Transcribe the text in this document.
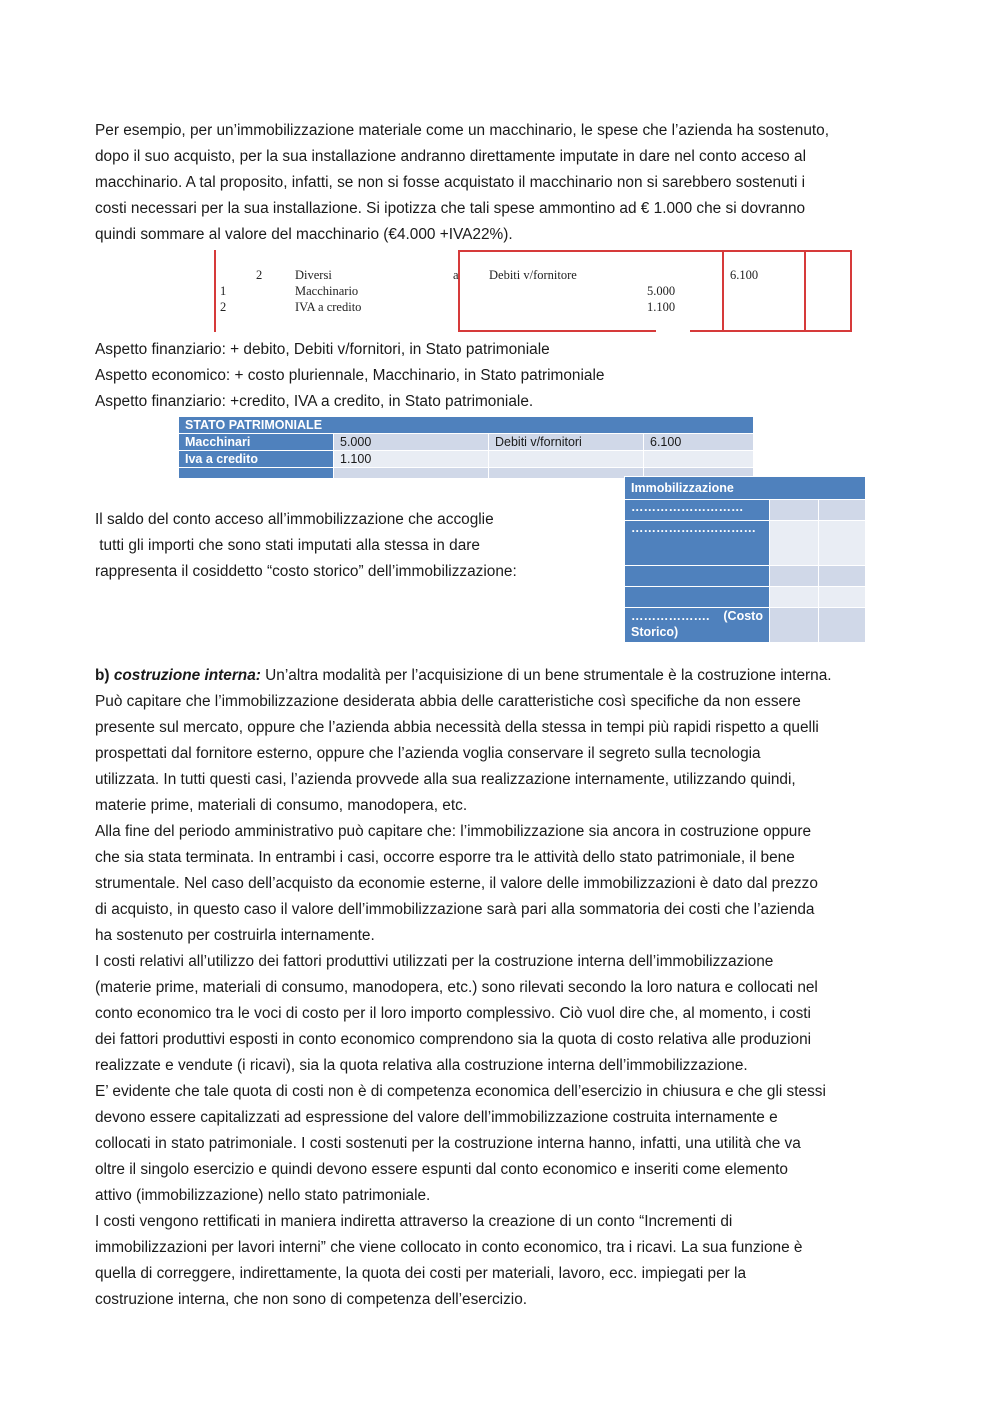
Per esempio, per un’immobilizzazione materiale come un macchinario, le spese che l’azienda ha sostenuto,
dopo il suo acquisto, per la sua installazione andranno direttamente imputate in dare nel conto acceso al
macchinario. A tal proposito, infatti, se non si fosse acquistato il macchinario non si sarebbero sostenuti i
costi necessari per la sua installazione. Si ipotizza che tali spese ammontino ad € 1.000 che si dovranno
quindi sommare al valore del macchinario (€4.000 +IVA22%).
2	Diversi	a Debiti v/fornitore	6.100
1	Macchinario	5.000
2	IVA a credito	1.100
Aspetto finanziario: + debito, Debiti v/fornitori, in Stato patrimoniale
Aspetto economico: + costo pluriennale, Macchinario, in Stato patrimoniale
Aspetto finanziario: +credito, IVA a credito, in Stato patrimoniale.
STATO PATRIMONIALE			
Macchinari	5.000	Debiti v/fornitori	6.100
Iva a credito	1.100		

Il saldo del conto acceso all’immobilizzazione che accoglie
tutti gli importi che sono stati imputati alla stessa in dare
rappresenta il cosiddetto “costo storico” dell’immobilizzazione:
Immobilizzazione		
………………………		
…………………………		

………………. (Costo
Storico)		
b) costruzione interna: Un’altra modalità per l’acquisizione di un bene strumentale è la costruzione interna.
Può capitare che l’immobilizzazione desiderata abbia delle caratteristiche così specifiche da non essere
presente sul mercato, oppure che l’azienda abbia necessità della stessa in tempi più rapidi rispetto a quelli
prospettati dal fornitore esterno, oppure che l’azienda voglia conservare il segreto sulla tecnologia
utilizzata. In tutti questi casi, l’azienda provvede alla sua realizzazione internamente, utilizzando quindi,
materie prime, materiali di consumo, manodopera, etc.
Alla fine del periodo amministrativo può capitare che: l’immobilizzazione sia ancora in costruzione oppure
che sia stata terminata. In entrambi i casi, occorre esporre tra le attività dello stato patrimoniale, il bene
strumentale. Nel caso dell’acquisto da economie esterne, il valore delle immobilizzazioni è dato dal prezzo
di acquisto, in questo caso il valore dell’immobilizzazione sarà pari alla sommatoria dei costi che l’azienda
ha sostenuto per costruirla internamente.
I costi relativi all’utilizzo dei fattori produttivi utilizzati per la costruzione interna dell’immobilizzazione
(materie prime, materiali di consumo, manodopera, etc.) sono rilevati secondo la loro natura e collocati nel
conto economico tra le voci di costo per il loro importo complessivo. Ciò vuol dire che, al momento, i costi
dei fattori produttivi esposti in conto economico comprendono sia la quota di costo relativa alle produzioni
realizzate e vendute (i ricavi), sia la quota relativa alla costruzione interna dell’immobilizzazione.
E’ evidente che tale quota di costi non è di competenza economica dell’esercizio in chiusura e che gli stessi
devono essere capitalizzati ad espressione del valore dell’immobilizzazione costruita internamente e
collocati in stato patrimoniale. I costi sostenuti per la costruzione interna hanno, infatti, una utilità che va
oltre il singolo esercizio e quindi devono essere espunti dal conto economico e inseriti come elemento
attivo (immobilizzazione) nello stato patrimoniale.
I costi vengono rettificati in maniera indiretta attraverso la creazione di un conto “Incrementi di
immobilizzazioni per lavori interni” che viene collocato in conto economico, tra i ricavi. La sua funzione è
quella di correggere, indirettamente, la quota dei costi per materiali, lavoro, ecc. impiegati per la
costruzione interna, che non sono di competenza dell’esercizio.
